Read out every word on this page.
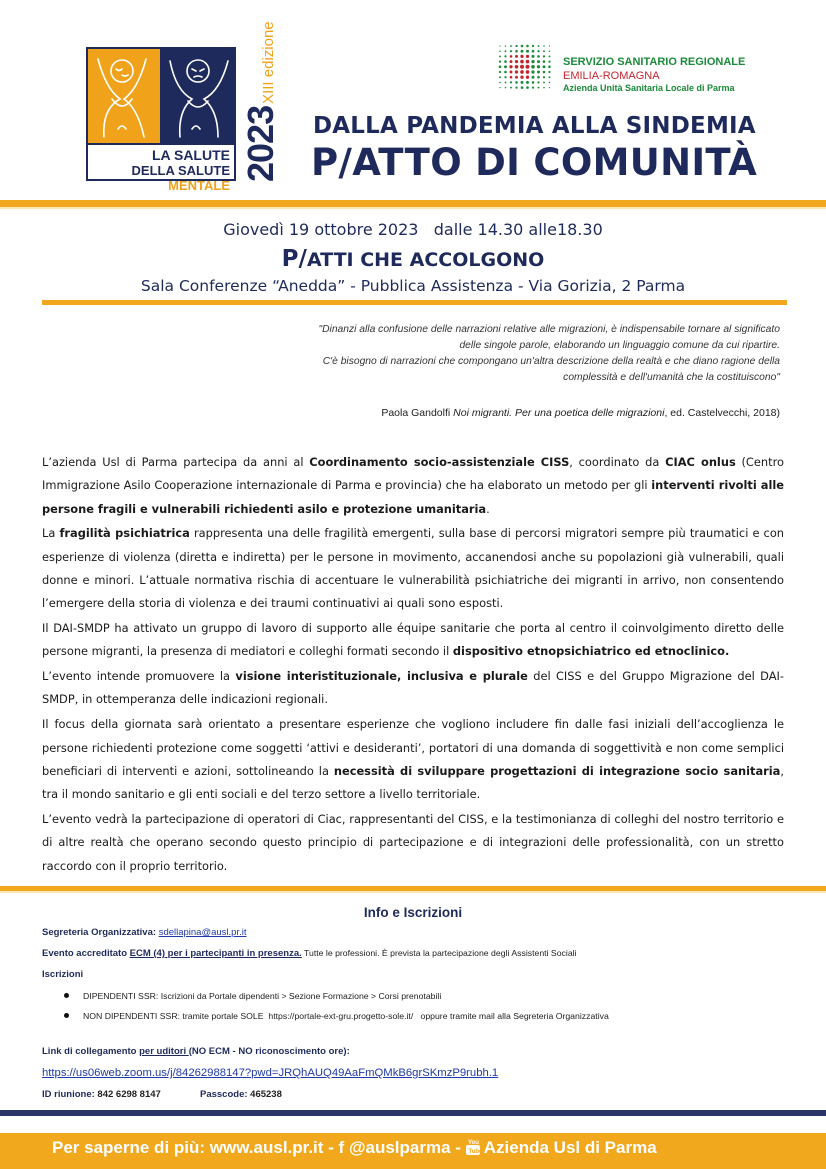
LA SALUTE
DELLA SALUTE MENTALE
2023XIII edizione	SERVIZIO SANITARIO REGIONALE
EMILIA-ROMAGNA
Azienda Unità Sanitaria Locale di Parma
DALLA PANDEMIA ALLA SINDEMIA
P/ATTO DI COMUNITÀ
Giovedì 19 ottobre 2023   dalle 14.30 alle18.30
P/ATTI CHE ACCOLGONO
Sala Conferenze “Anedda” - Pubblica Assistenza - Via Gorizia, 2 Parma
"Dinanzi alla confusione delle narrazioni relative alle migrazioni, è indispensabile tornare al significato
delle singole parole, elaborando un linguaggio comune da cui ripartire.
C'è bisogno di narrazioni che compongano un'altra descrizione della realtà e che diano ragione della
complessità e dell'umanità che la costituiscono"
Paola Gandolfi Noi migranti. Per una poetica delle migrazioni, ed. Castelvecchi, 2018)

L’azienda Usl di Parma partecipa da anni al Coordinamento socio-assistenziale CISS, coordinato da CIAC onlus (Centro Immigrazione Asilo Cooperazione internazionale di Parma e provincia) che ha elaborato un metodo per gli interventi rivolti alle persone fragili e vulnerabili richiedenti asilo e protezione umanitaria.

La fragilità psichiatrica rappresenta una delle fragilità emergenti, sulla base di percorsi migratori sempre più traumatici e con esperienze di violenza (diretta e indiretta) per le persone in movimento, accanendosi anche su popolazioni già vulnerabili, quali donne e minori. L’attuale normativa rischia di accentuare le vulnerabilità psichiatriche dei migranti in arrivo, non consentendo l’emergere della storia di violenza e dei traumi continuativi ai quali sono esposti.

Il DAI-SMDP ha attivato un gruppo di lavoro di supporto alle équipe sanitarie che porta al centro il coinvolgimento diretto delle persone migranti, la presenza di mediatori e colleghi formati secondo il dispositivo etnopsichiatrico ed etnoclinico.

L’evento intende promuovere la visione interistituzionale, inclusiva e plurale del CISS e del Gruppo Migrazione del DAI-SMDP, in ottemperanza delle indicazioni regionali.

Il focus della giornata sarà orientato a presentare esperienze che vogliono includere fin dalle fasi iniziali dell’accoglienza le persone richiedenti protezione come soggetti ‘attivi e desideranti’, portatori di una domanda di soggettività e non come semplici beneficiari di interventi e azioni, sottolineando la necessità di sviluppare progettazioni di integrazione socio sanitaria, tra il mondo sanitario e gli enti sociali e del terzo settore a livello territoriale.

L’evento vedrà la partecipazione di operatori di Ciac, rappresentanti del CISS, e la testimonianza di colleghi del nostro territorio e di altre realtà che operano secondo questo principio di partecipazione e di integrazioni delle professionalità, con un stretto raccordo con il proprio territorio.

Info e Iscrizioni
Segreteria Organizzativa: sdellapina@ausl.pr.it
Evento accreditato ECM (4) per i partecipanti in presenza. Tutte le professioni. È prevista la partecipazione degli Assistenti Sociali
Iscrizioni
DIPENDENTI SSR: Iscrizioni da Portale dipendenti > Sezione Formazione > Corsi prenotabili
NON DIPENDENTI SSR: tramite portale SOLE  https://portale-ext-gru.progetto-sole.it/   oppure tramite mail alla Segreteria Organizzativa
Link di collegamento per uditori (NO ECM - NO riconoscimento ore):
https://us06web.zoom.us/j/84262988147?pwd=JRQhAUQ49AaFmQMkB6grSKmzP9rubh.1
ID riunione: 842 6298 8147	Passcode: 465238
Per saperne di più: www.ausl.pr.it - f @auslparma - You
Tube
Azienda Usl di Parma
